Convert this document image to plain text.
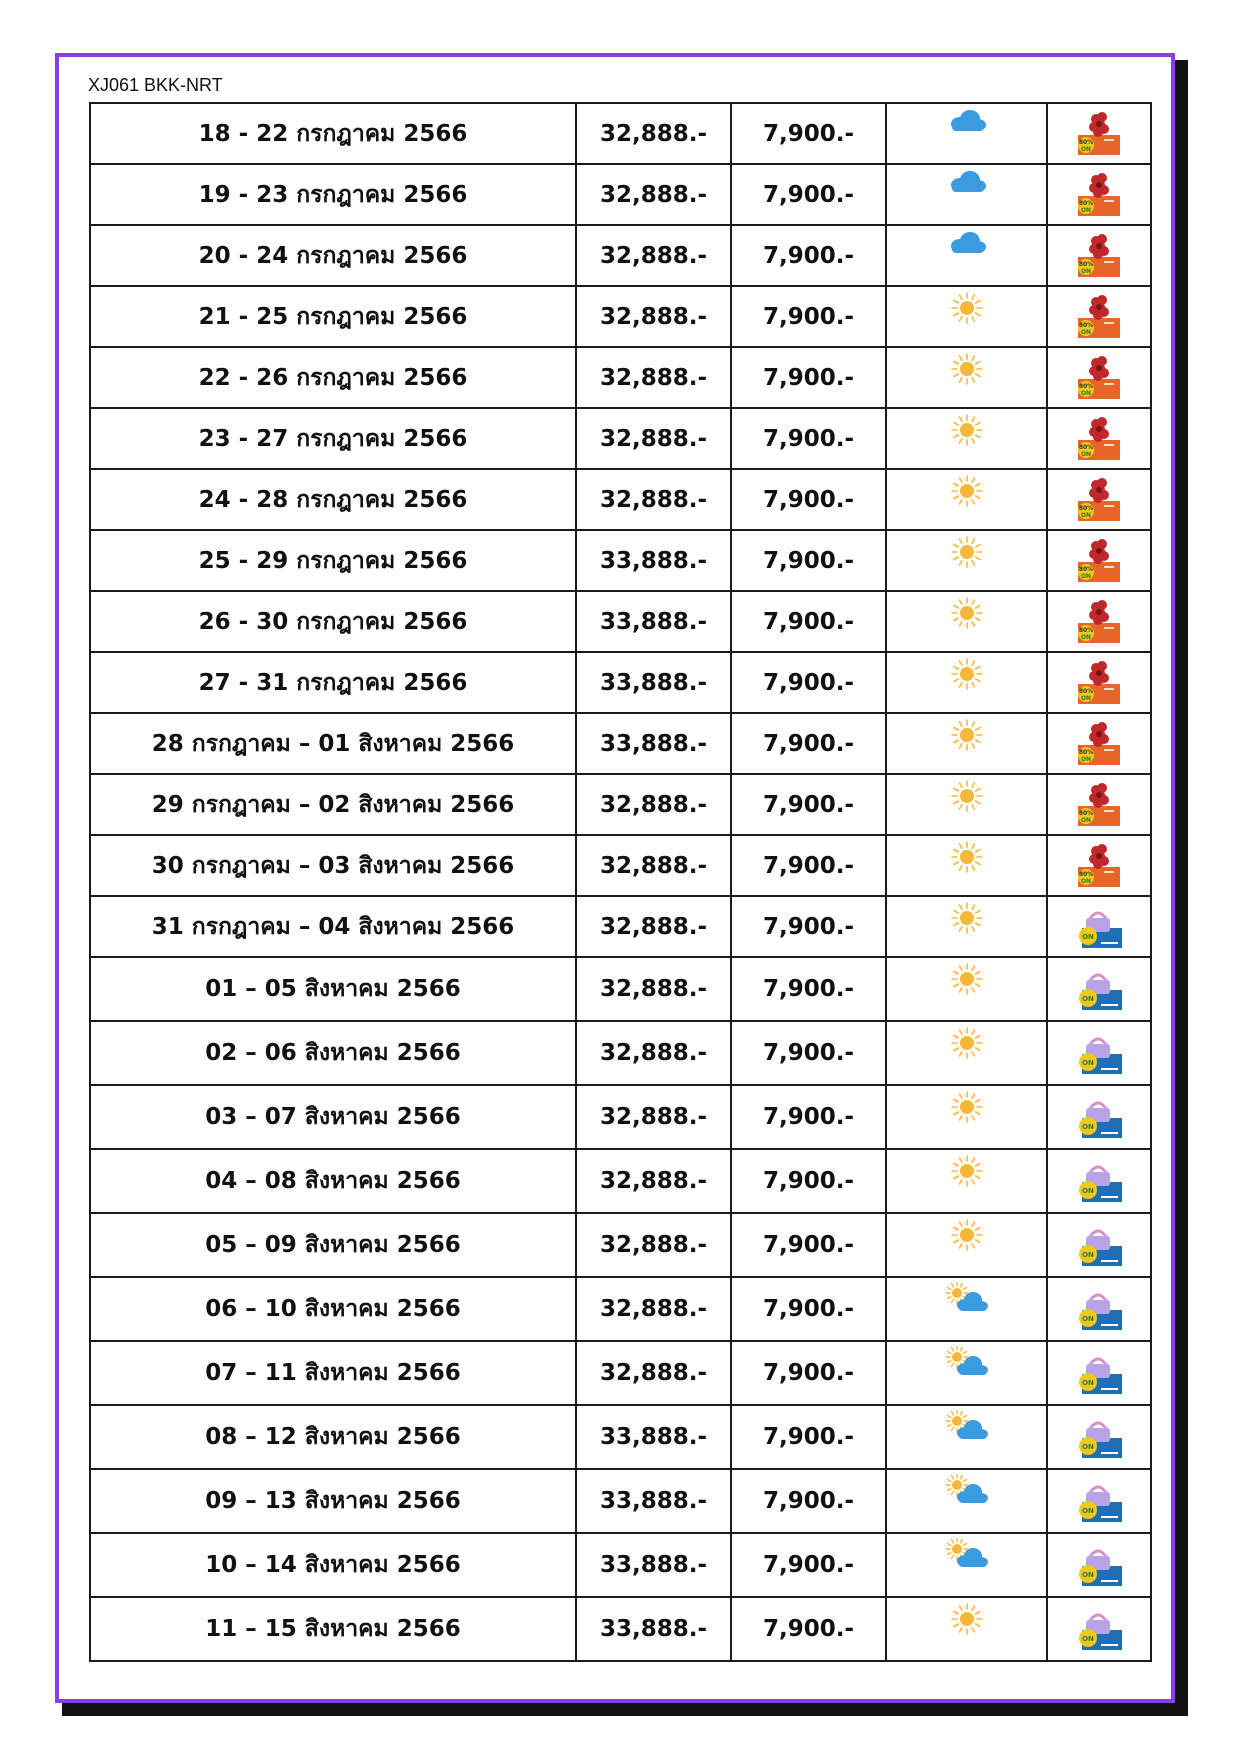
XJ061 BKK-NRT
18 - 22 กรกฎาคม 2566	32,888.-	7,900.-		80%
ON

19 - 23 กรกฎาคม 2566	32,888.-	7,900.-		80%
ON

20 - 24 กรกฎาคม 2566	32,888.-	7,900.-		80%
ON

21 - 25 กรกฎาคม 2566	32,888.-	7,900.-		80%
ON

22 - 26 กรกฎาคม 2566	32,888.-	7,900.-		80%
ON

23 - 27 กรกฎาคม 2566	32,888.-	7,900.-		80%
ON

24 - 28 กรกฎาคม 2566	32,888.-	7,900.-		80%
ON

25 - 29 กรกฎาคม 2566	33,888.-	7,900.-		80%
ON

26 - 30 กรกฎาคม 2566	33,888.-	7,900.-		80%
ON

27 - 31 กรกฎาคม 2566	33,888.-	7,900.-		80%
ON

28 กรกฎาคม – 01 สิงหาคม 2566	33,888.-	7,900.-		80%
ON

29 กรกฎาคม – 02 สิงหาคม 2566	32,888.-	7,900.-		80%
ON

30 กรกฎาคม – 03 สิงหาคม 2566	32,888.-	7,900.-		80%
ON

31 กรกฎาคม – 04 สิงหาคม 2566	32,888.-	7,900.-		ON

01 – 05 สิงหาคม 2566	32,888.-	7,900.-		ON

02 – 06 สิงหาคม 2566	32,888.-	7,900.-		ON

03 – 07 สิงหาคม 2566	32,888.-	7,900.-		ON

04 – 08 สิงหาคม 2566	32,888.-	7,900.-		ON

05 – 09 สิงหาคม 2566	32,888.-	7,900.-		ON

06 – 10 สิงหาคม 2566	32,888.-	7,900.-		ON

07 – 11 สิงหาคม 2566	32,888.-	7,900.-		ON

08 – 12 สิงหาคม 2566	33,888.-	7,900.-		ON

09 – 13 สิงหาคม 2566	33,888.-	7,900.-		ON

10 – 14 สิงหาคม 2566	33,888.-	7,900.-		ON

11 – 15 สิงหาคม 2566	33,888.-	7,900.-		ON
